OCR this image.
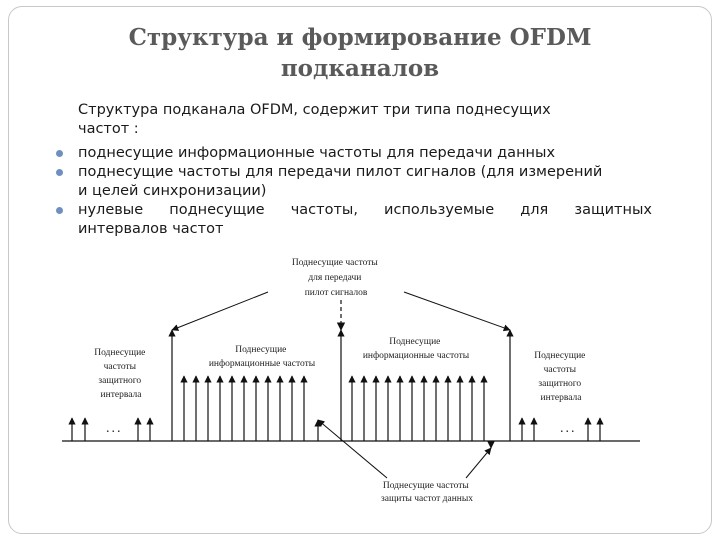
Структура и формирование OFDM
подканалов
Структура подканала OFDM, содержит три типа поднесущих
частот :
поднесущие информационные частоты для передачи данных
поднесущие частоты для передачи пилот сигналов (для измерений
и целей синхронизации)
нулевые поднесущие частоты, используемые для защитных
интервалов частот
...	...
Поднесущие частоты для передачи пилот сигналов
Поднесущие частоты защитного интервала
Поднесущие информационные частоты
Поднесущие информационные частоты	Поднесущие частоты защитного интервала
Поднесущие частоты защиты частот данных
